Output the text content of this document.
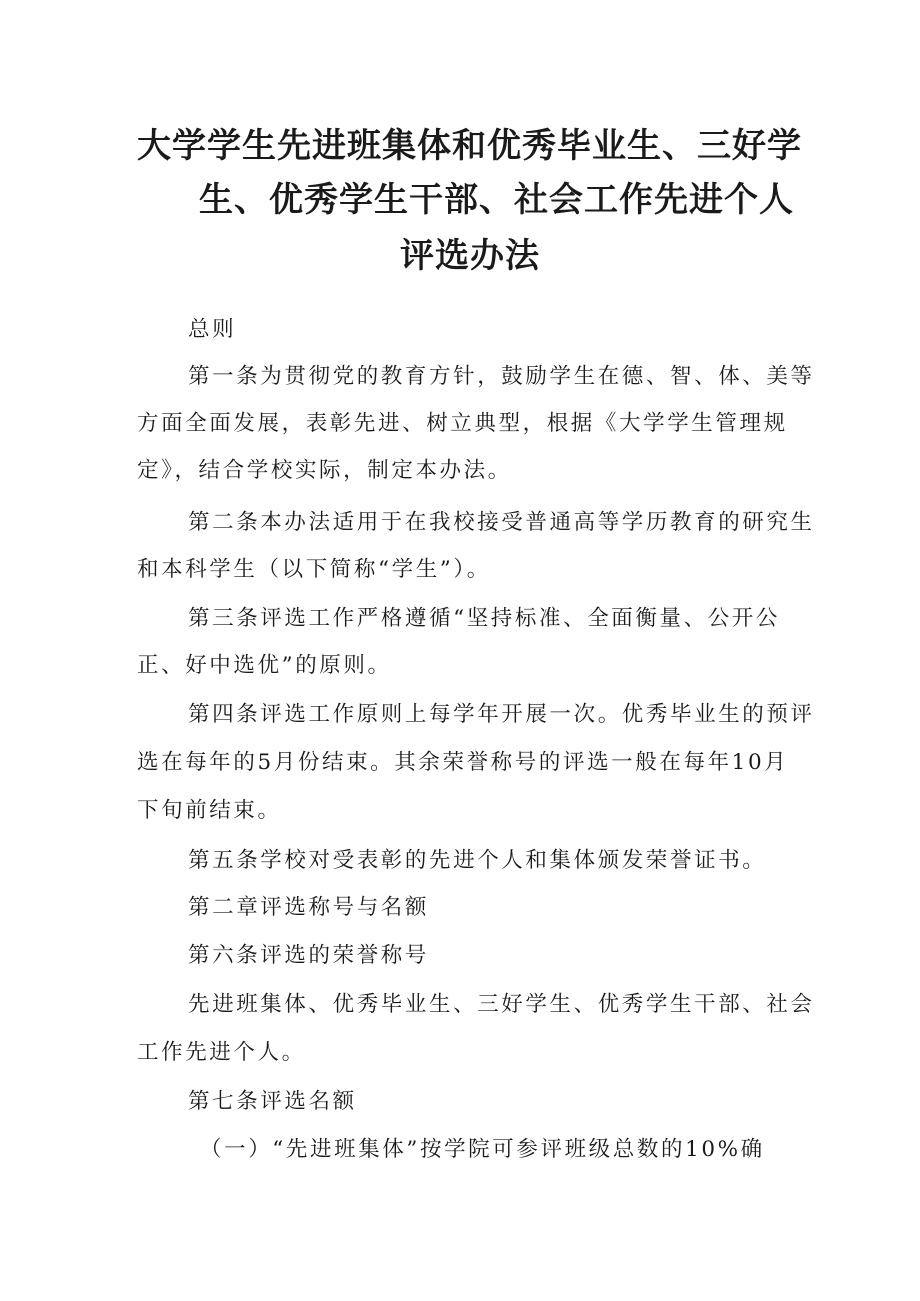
大学学生先进班集体和优秀毕业生、三好学
生、优秀学生干部、社会工作先进个人
评选办法

总则

第一条为贯彻党的教育方针，鼓励学生在德、智、体、美等

方面全面发展，表彰先进、树立典型，根据《大学学生管理规

定》，结合学校实际，制定本办法。

第二条本办法适用于在我校接受普通高等学历教育的研究生

和本科学生（以下简称“学生”）。

第三条评选工作严格遵循“坚持标准、全面衡量、公开公

正、好中选优”的原则。

第四条评选工作原则上每学年开展一次。优秀毕业生的预评

选在每年的5月份结束。其余荣誉称号的评选一般在每年10月

下旬前结束。

第五条学校对受表彰的先进个人和集体颁发荣誉证书。

第二章评选称号与名额

第六条评选的荣誉称号

先进班集体、优秀毕业生、三好学生、优秀学生干部、社会

工作先进个人。

第七条评选名额

（一）“先进班集体”按学院可参评班级总数的10%确
